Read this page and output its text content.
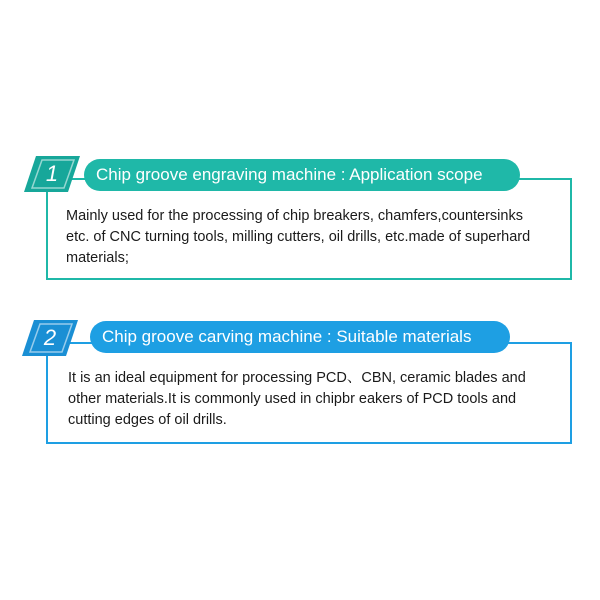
Mainly used for the processing of chip breakers, chamfers,countersinks
etc. of CNC turning tools, milling cutters, oil drills, etc.made of superhard
materials;
Chip groove engraving machine : Application scope
1
It is an ideal equipment for processing PCD、CBN, ceramic blades and
other materials.It is commonly used in chipbr eakers of PCD tools and
cutting edges of oil drills.
Chip groove carving machine : Suitable materials
2
